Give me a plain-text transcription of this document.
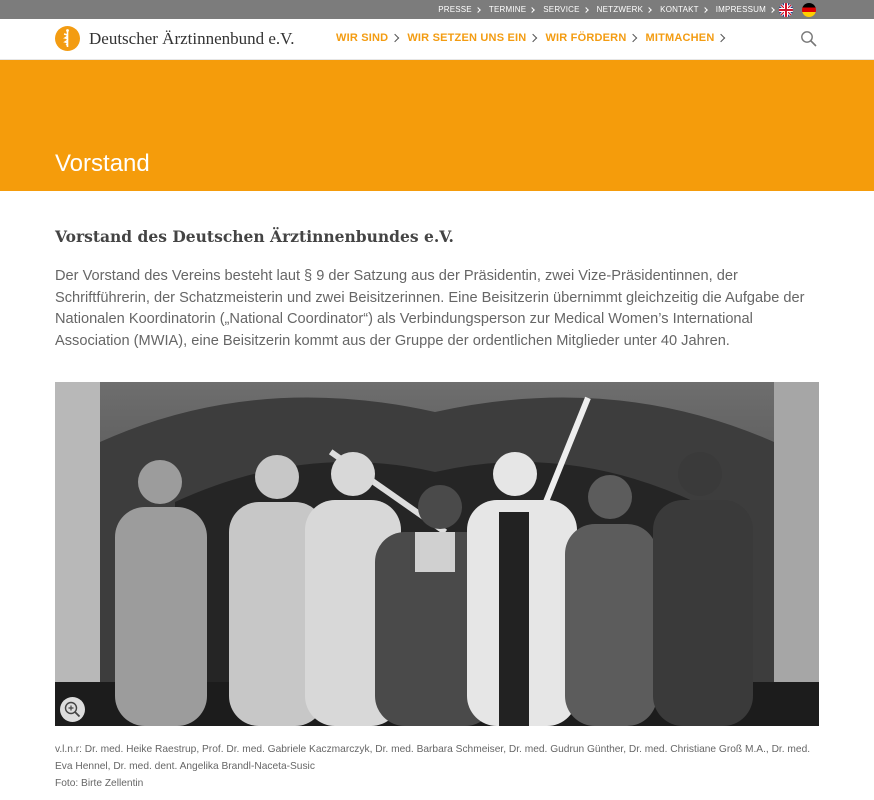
PRESSE TERMINE SERVICE NETZWERK KONTAKT IMPRESSUM
Deutscher Ärztinnenbund e.V.	WIR SIND WIR SETZEN UNS EIN WIR FÖRDERN MITMACHEN
Vorstand
Vorstand des Deutschen Ärztinnenbundes e.V.

Der Vorstand des Vereins besteht laut § 9 der Satzung aus der Präsidentin, zwei Vize-Präsidentinnen, der Schriftführerin, der Schatzmeisterin und zwei Beisitzerinnen. Eine Beisitzerin übernimmt gleichzeitig die Aufgabe der Nationalen Koordinatorin („National Coordinator“) als Verbindungsperson zur Medical Women’s International Association (MWIA), eine Beisitzerin kommt aus der Gruppe der ordentlichen Mitglieder unter 40 Jahren.

v.l.n.r: Dr. med. Heike Raestrup, Prof. Dr. med. Gabriele Kaczmarczyk, Dr. med. Barbara Schmeiser, Dr. med. Gudrun Günther, Dr. med. Christiane Groß M.A., Dr. med. Eva Hennel, Dr. med. dent. Angelika Brandl-Naceta-Susic

Foto: Birte Zellentin
